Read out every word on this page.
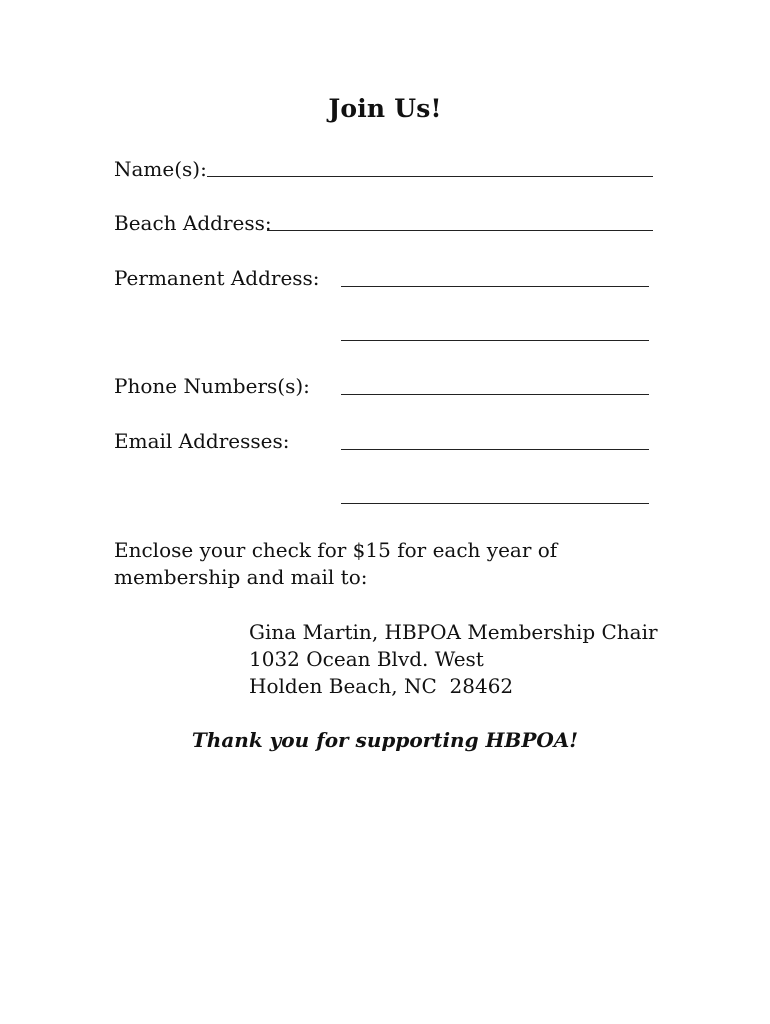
Join Us!
Name(s):
Beach Address:
Permanent Address:
Phone Numbers(s):
Email Addresses:
Enclose your check for $15 for each year of membership and mail to:
Gina Martin, HBPOA Membership Chair
1032 Ocean Blvd. West
Holden Beach, NC  28462
Thank you for supporting HBPOA!
